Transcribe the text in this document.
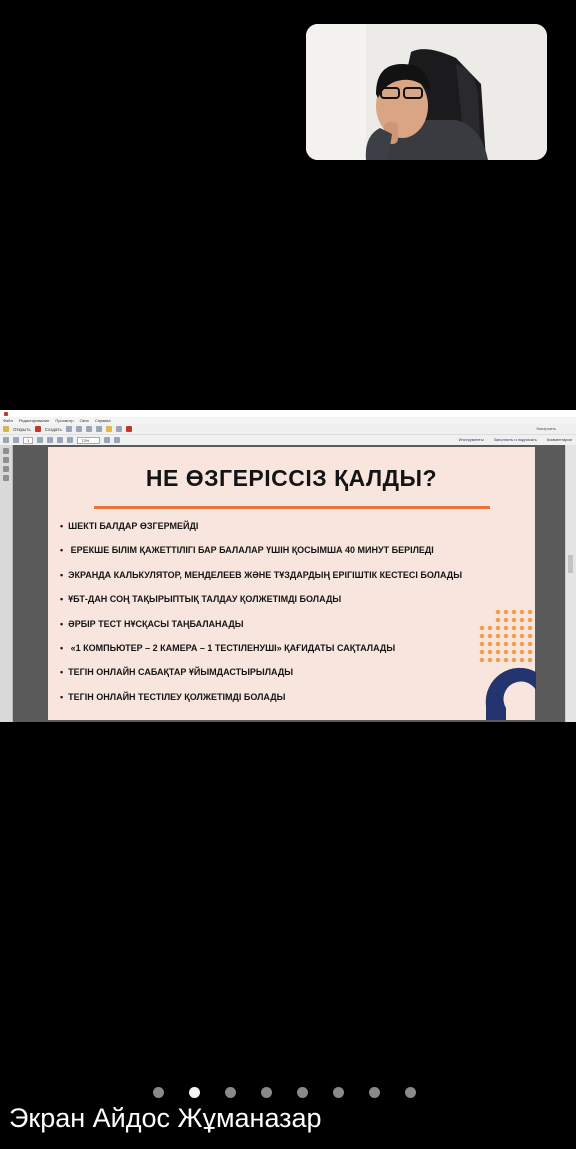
Файл Редактирование Просмотр Окно Справка
Открыть	Создать
1	72%
Настроить
Инструменты	Заполнить и подписать	Комментарии
НЕ ӨЗГЕРІССІЗ ҚАЛДЫ?
• ШЕКТІ БАЛДАР ӨЗГЕРМЕЙДІ
• ЕРЕКШЕ БІЛІМ ҚАЖЕТТІЛІГІ БАР БАЛАЛАР ҮШІН ҚОСЫМША 40 МИНУТ БЕРІЛЕДІ
• ЭКРАНДА КАЛЬКУЛЯТОР, МЕНДЕЛЕЕВ ЖӘНЕ ТҰЗДАРДЫҢ ЕРІГІШТІК КЕСТЕСІ БОЛАДЫ
• ҰБТ-ДАН СОҢ ТАҚЫРЫПТЫҚ ТАЛДАУ ҚОЛЖЕТІМДІ БОЛАДЫ
• ӘРБІР ТЕСТ НҰСҚАСЫ ТАҢБАЛАНАДЫ
• «1 КОМПЬЮТЕР – 2 КАМЕРА – 1 ТЕСТІЛЕНУШІ» ҚАҒИДАТЫ САҚТАЛАДЫ
• ТЕГІН ОНЛАЙН САБАҚТАР ҰЙЫМДАСТЫРЫЛАДЫ
• ТЕГІН ОНЛАЙН ТЕСТІЛЕУ ҚОЛЖЕТІМДІ БОЛАДЫ
Экран Айдос Жұманазар
